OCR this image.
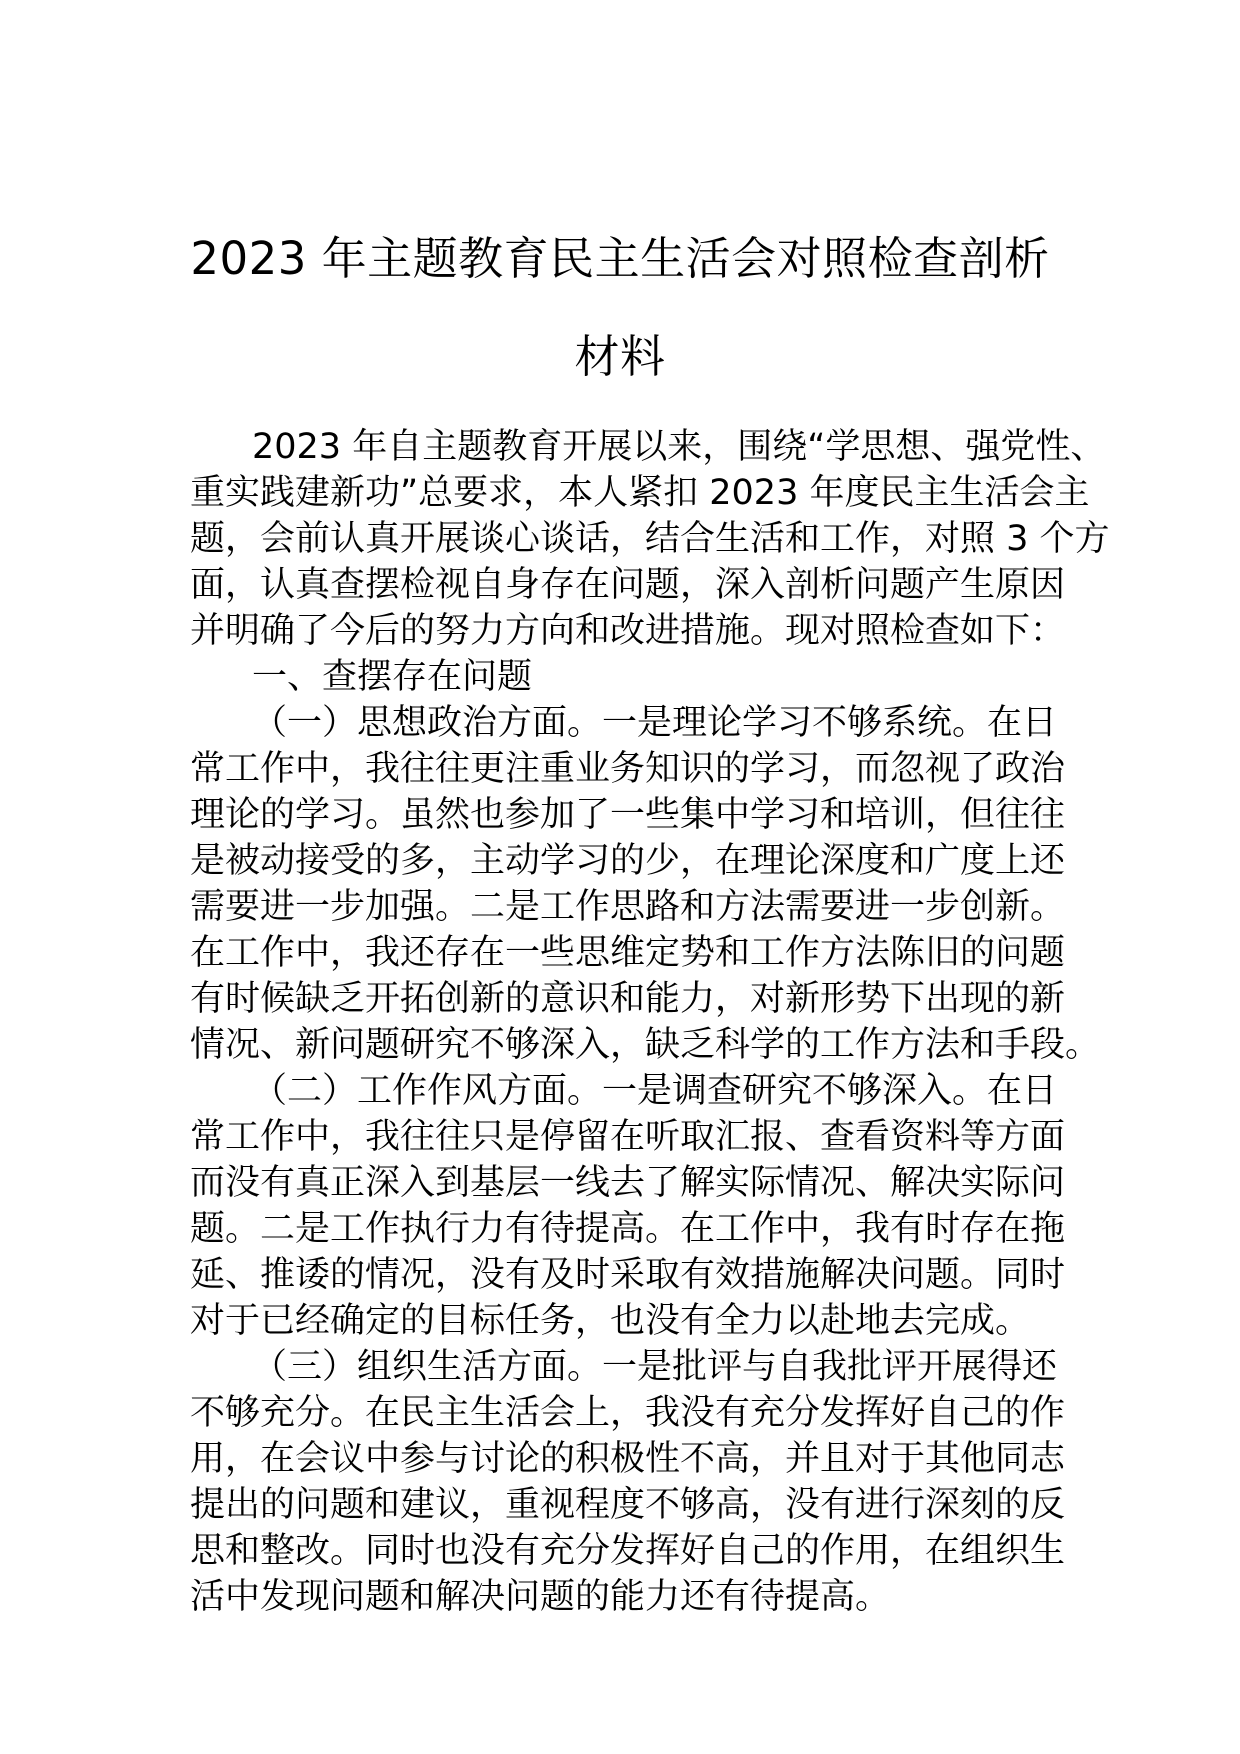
2023 年主题教育民主生活会对照检查剖析
材料

2023 年自主题教育开展以来，围绕“学思想、强党性、
重实践建新功”总要求，本人紧扣 2023 年度民主生活会主
题，会前认真开展谈心谈话，结合生活和工作，对照 3 个方
面，认真查摆检视自身存在问题，深入剖析问题产生原因
并明确了今后的努力方向和改进措施。现对照检查如下：

一、查摆存在问题

（一）思想政治方面。一是理论学习不够系统。在日
常工作中，我往往更注重业务知识的学习，而忽视了政治
理论的学习。虽然也参加了一些集中学习和培训，但往往
是被动接受的多，主动学习的少，在理论深度和广度上还
需要进一步加强。二是工作思路和方法需要进一步创新。
在工作中，我还存在一些思维定势和工作方法陈旧的问题
有时候缺乏开拓创新的意识和能力，对新形势下出现的新
情况、新问题研究不够深入，缺乏科学的工作方法和手段。

（二）工作作风方面。一是调查研究不够深入。在日
常工作中，我往往只是停留在听取汇报、查看资料等方面
而没有真正深入到基层一线去了解实际情况、解决实际问
题。二是工作执行力有待提高。在工作中，我有时存在拖
延、推诿的情况，没有及时采取有效措施解决问题。同时
对于已经确定的目标任务，也没有全力以赴地去完成。

（三）组织生活方面。一是批评与自我批评开展得还
不够充分。在民主生活会上，我没有充分发挥好自己的作
用，在会议中参与讨论的积极性不高，并且对于其他同志
提出的问题和建议，重视程度不够高，没有进行深刻的反
思和整改。同时也没有充分发挥好自己的作用，在组织生
活中发现问题和解决问题的能力还有待提高。
